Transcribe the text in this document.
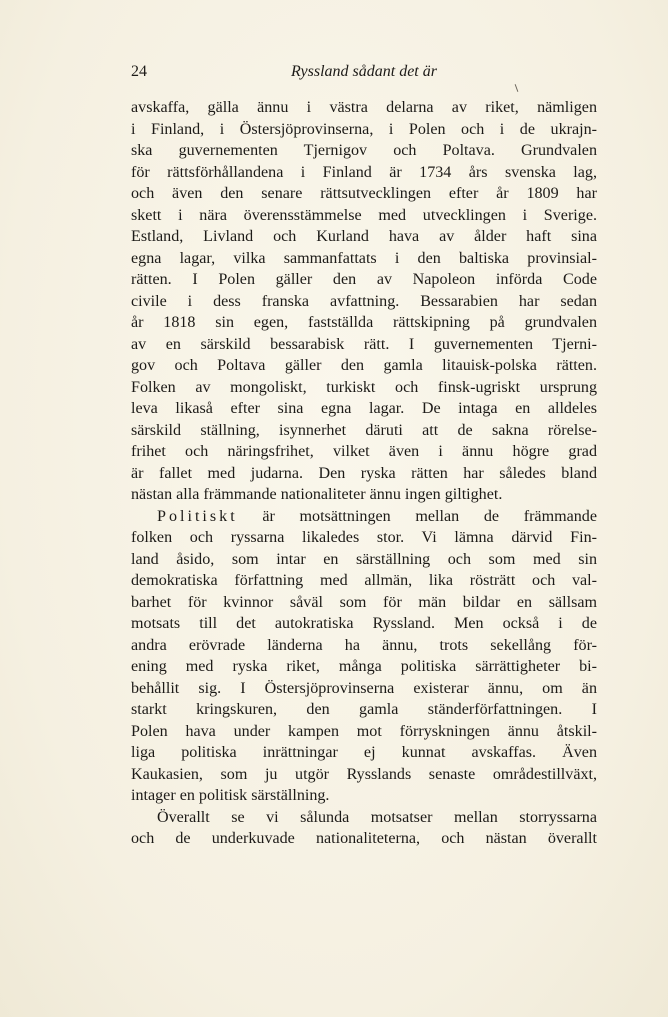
24	Ryssland sådant det är
avskaffa, gälla ännu i västra delarna av riket, nämligen
i Finland, i Östersjöprovinserna, i Polen och i de ukrajn-
ska guvernementen Tjernigov och Poltava. Grundvalen
för rättsförhållandena i Finland är 1734 års svenska lag,
och även den senare rättsutvecklingen efter år 1809 har
skett i nära överensstämmelse med utvecklingen i Sverige.
Estland, Livland och Kurland hava av ålder haft sina
egna lagar, vilka sammanfattats i den baltiska provinsial-
rätten. I Polen gäller den av Napoleon införda Code
civile i dess franska avfattning. Bessarabien har sedan
år 1818 sin egen, fastställda rättskipning på grundvalen
av en särskild bessarabisk rätt. I guvernementen Tjerni-
gov och Poltava gäller den gamla litauisk-polska rätten.
Folken av mongoliskt, turkiskt och finsk-ugriskt ursprung
leva likaså efter sina egna lagar. De intaga en alldeles
särskild ställning, isynnerhet däruti att de sakna rörelse-
frihet och näringsfrihet, vilket även i ännu högre grad
är fallet med judarna. Den ryska rätten har således bland
nästan alla främmande nationaliteter ännu ingen giltighet.
Politiskt är motsättningen mellan de främmande
folken och ryssarna likaledes stor. Vi lämna därvid Fin-
land åsido, som intar en särställning och som med sin
demokratiska författning med allmän, lika rösträtt och val-
barhet för kvinnor såväl som för män bildar en sällsam
motsats till det autokratiska Ryssland. Men också i de
andra erövrade länderna ha ännu, trots sekellång för-
ening med ryska riket, många politiska särrättigheter bi-
behållit sig. I Östersjöprovinserna existerar ännu, om än
starkt kringskuren, den gamla ständerförfattningen. I
Polen hava under kampen mot förryskningen ännu åtskil-
liga politiska inrättningar ej kunnat avskaffas. Även
Kaukasien, som ju utgör Rysslands senaste områdestillväxt,
intager en politisk särställning.
Överallt se vi sålunda motsatser mellan storryssarna
och de underkuvade nationaliteterna, och nästan överallt
